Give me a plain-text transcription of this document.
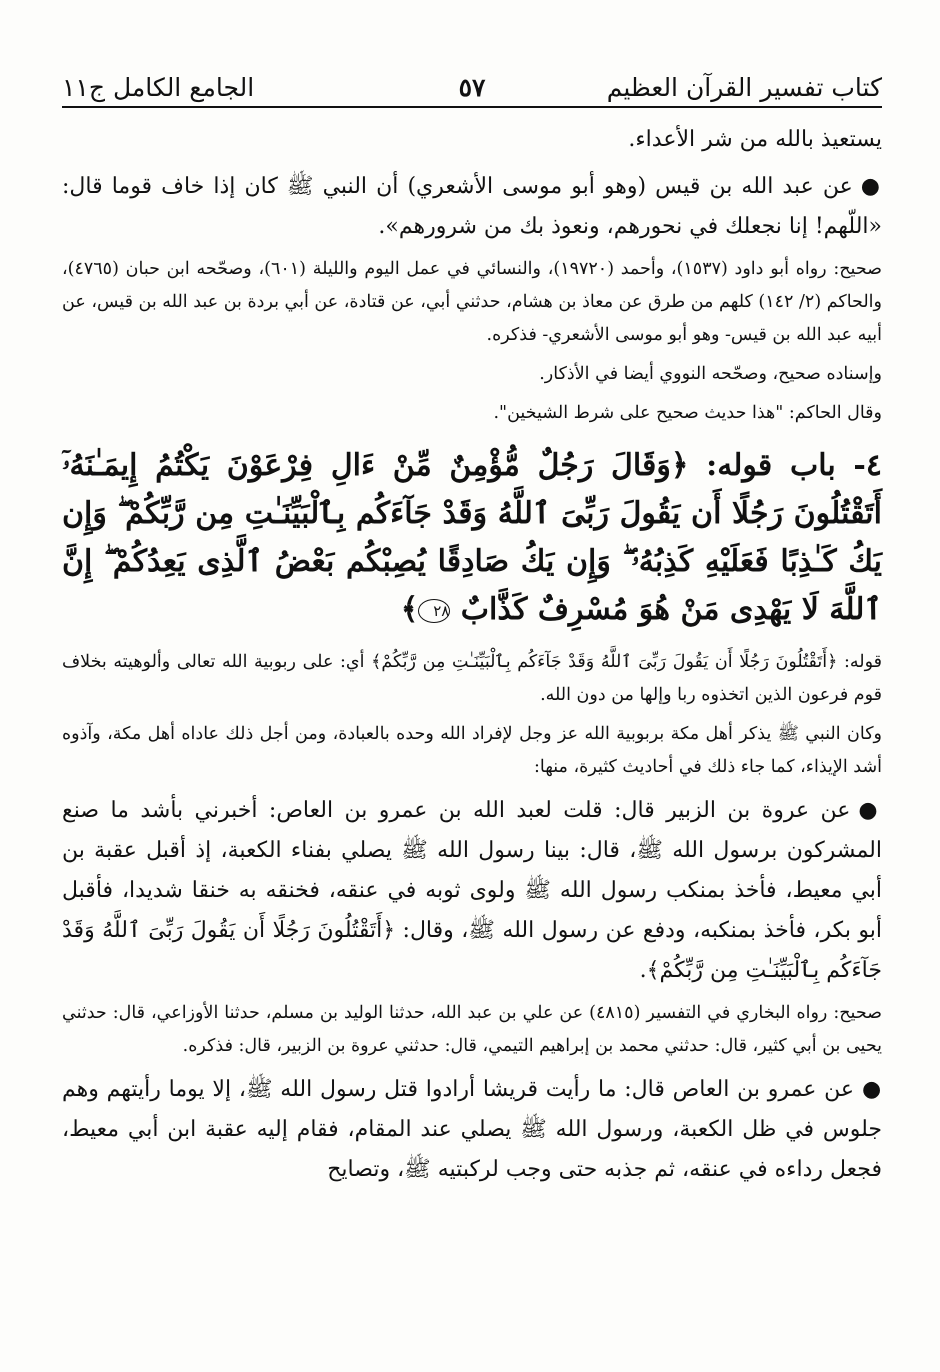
كتاب تفسير القرآن العظيم
٥٧
الجامع الكامل ج١١

يستعيذ بالله من شر الأعداء.

●عن عبد الله بن قيس (وهو أبو موسى الأشعري) أن النبي ﷺ كان إذا خاف قوما قال: «اللّهم! إنا نجعلك في نحورهم، ونعوذ بك من شرورهم».

صحيح: رواه أبو داود (١٥٣٧)، وأحمد (١٩٧٢٠)، والنسائي في عمل اليوم والليلة (٦٠١)، وصحّحه ابن حبان (٤٧٦٥)، والحاكم (٢/ ١٤٢) كلهم من طرق عن معاذ بن هشام، حدثني أبي، عن قتادة، عن أبي بردة بن عبد الله بن قيس، عن أبيه عبد الله بن قيس- وهو أبو موسى الأشعري- فذكره.

وإسناده صحيح، وصحّحه النووي أيضا في الأذكار.

وقال الحاكم: "هذا حديث صحيح على شرط الشيخين".

٤- باب قوله: ﴿وَقَالَ رَجُلٌ مُّؤْمِنٌ مِّنْ ءَالِ فِرْعَوْنَ يَكْتُمُ إِيمَـٰنَهُۥٓ أَتَقْتُلُونَ رَجُلًا أَن يَقُولَ رَبِّىَ ٱللَّهُ وَقَدْ جَآءَكُم بِٱلْبَيِّنَـٰتِ مِن رَّبِّكُمْ ۖ وَإِن يَكُ كَـٰذِبًا فَعَلَيْهِ كَذِبُهُۥ ۖ وَإِن يَكُ صَادِقًا يُصِبْكُم بَعْضُ ٱلَّذِى يَعِدُكُمْ ۖ إِنَّ ٱللَّهَ لَا يَهْدِى مَنْ هُوَ مُسْرِفٌ كَذَّابٌ ٢٨﴾

قوله: ﴿أَتَقْتُلُونَ رَجُلًا أَن يَقُولَ رَبِّىَ ٱللَّهُ وَقَدْ جَآءَكُم بِٱلْبَيِّنَـٰتِ مِن رَّبِّكُمْ﴾ أي: على ربوبية الله تعالى وألوهيته بخلاف قوم فرعون الذين اتخذوه ربا وإلها من دون الله.

وكان النبي ﷺ يذكر أهل مكة بربوبية الله عز وجل لإفراد الله وحده بالعبادة، ومن أجل ذلك عاداه أهل مكة، وآذوه أشد الإيذاء، كما جاء ذلك في أحاديث كثيرة، منها:

●عن عروة بن الزبير قال: قلت لعبد الله بن عمرو بن العاص: أخبرني بأشد ما صنع المشركون برسول الله ﷺ، قال: بينا رسول الله ﷺ يصلي بفناء الكعبة، إذ أقبل عقبة بن أبي معيط، فأخذ بمنكب رسول الله ﷺ ولوى ثوبه في عنقه، فخنقه به خنقا شديدا، فأقبل أبو بكر، فأخذ بمنكبه، ودفع عن رسول الله ﷺ، وقال: ﴿أَتَقْتُلُونَ رَجُلًا أَن يَقُولَ رَبِّىَ ٱللَّهُ وَقَدْ جَآءَكُم بِٱلْبَيِّنَـٰتِ مِن رَّبِّكُمْ﴾.

صحيح: رواه البخاري في التفسير (٤٨١٥) عن علي بن عبد الله، حدثنا الوليد بن مسلم، حدثنا الأوزاعي، قال: حدثني يحيى بن أبي كثير، قال: حدثني محمد بن إبراهيم التيمي، قال: حدثني عروة بن الزبير، قال: فذكره.

●عن عمرو بن العاص قال: ما رأيت قريشا أرادوا قتل رسول الله ﷺ، إلا يوما رأيتهم وهم جلوس في ظل الكعبة، ورسول الله ﷺ يصلي عند المقام، فقام إليه عقبة ابن أبي معيط، فجعل رداءه في عنقه، ثم جذبه حتى وجب لركبتيه ﷺ، وتصايح
